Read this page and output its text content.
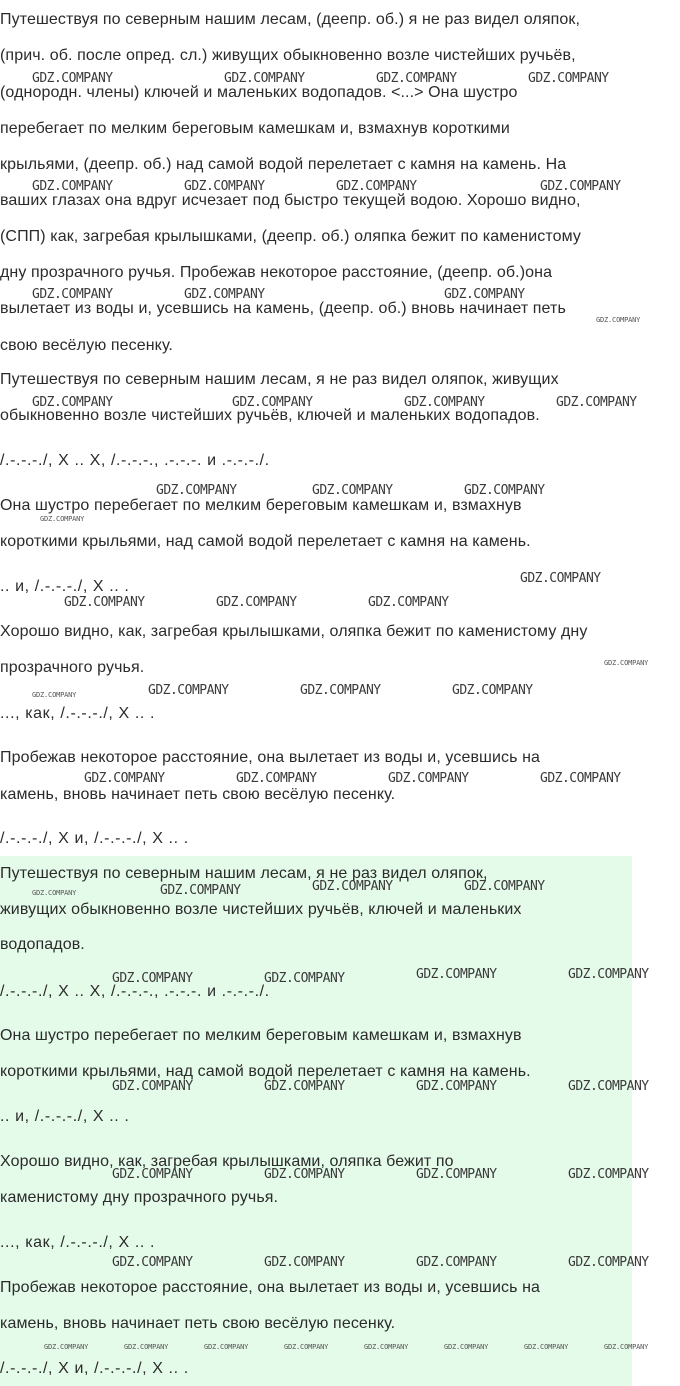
Путешествуя по северным нашим лесам, (деепр. об.) я не раз видел оляпок,
(прич. об. после опред. сл.) живущих обыкновенно возле чистейших ручьёв,
(однородн. члены) ключей и маленьких водопадов. <...> Она шустро
перебегает по мелким береговым камешкам и, взмахнув короткими
крыльями, (деепр. об.) над самой водой перелетает с камня на камень. На
ваших глазах она вдруг исчезает под быстро текущей водою. Хорошо видно,
(СПП) как, загребая крылышками, (деепр. об.) оляпка бежит по каменистому
дну прозрачного ручья. Пробежав некоторое расстояние, (деепр. об.)она
вылетает из воды и, усевшись на камень, (деепр. об.) вновь начинает петь
свою весёлую песенку.
Путешествуя по северным нашим лесам, я не раз видел оляпок, живущих
обыкновенно возле чистейших ручьёв, ключей и маленьких водопадов.
/.-.-.-./, X .. X, /.-.-.-., .-.-.-. и .-.-.-./.
Она шустро перебегает по мелким береговым камешкам и, взмахнув
короткими крыльями, над самой водой перелетает с камня на камень.
.. и, /.-.-.-./, X .. .
Хорошо видно, как, загребая крылышками, оляпка бежит по каменистому дну
прозрачного ручья.
..., как, /.-.-.-./, X .. .
Пробежав некоторое расстояние, она вылетает из воды и, усевшись на
камень, вновь начинает петь свою весёлую песенку.
/.-.-.-./, X и, /.-.-.-./, X .. .
Путешествуя по северным нашим лесам, я не раз видел оляпок,
живущих обыкновенно возле чистейших ручьёв, ключей и маленьких
водопадов.
/.-.-.-./, X .. X, /.-.-.-., .-.-.-. и .-.-.-./.
Она шустро перебегает по мелким береговым камешкам и, взмахнув
короткими крыльями, над самой водой перелетает с камня на камень.
.. и, /.-.-.-./, X .. .
Хорошо видно, как, загребая крылышками, оляпка бежит по
каменистому дну прозрачного ручья.
..., как, /.-.-.-./, X .. .
Пробежав некоторое расстояние, она вылетает из воды и, усевшись на
камень, вновь начинает петь свою весёлую песенку.
/.-.-.-./, X и, /.-.-.-./, X .. .
GDZ.COMPANY	GDZ.COMPANY	GDZ.COMPANY	GDZ.COMPANY
GDZ.COMPANY	GDZ.COMPANY	GDZ.COMPANY	GDZ.COMPANY
GDZ.COMPANY	GDZ.COMPANY	GDZ.COMPANY
GDZ.COMPANY
GDZ.COMPANY	GDZ.COMPANY	GDZ.COMPANY	GDZ.COMPANY
GDZ.COMPANY	GDZ.COMPANY	GDZ.COMPANY
GDZ.COMPANY
GDZ.COMPANY
GDZ.COMPANY	GDZ.COMPANY	GDZ.COMPANY
GDZ.COMPANY
GDZ.COMPANY	GDZ.COMPANY	GDZ.COMPANY
GDZ.COMPANY
GDZ.COMPANY	GDZ.COMPANY	GDZ.COMPANY	GDZ.COMPANY
GDZ.COMPANY	GDZ.COMPANY
GDZ.COMPANY
GDZ.COMPANY
GDZ.COMPANY	GDZ.COMPANY
GDZ.COMPANY	GDZ.COMPANY
GDZ.COMPANY	GDZ.COMPANY	GDZ.COMPANY	GDZ.COMPANY
GDZ.COMPANY	GDZ.COMPANY	GDZ.COMPANY	GDZ.COMPANY
GDZ.COMPANY	GDZ.COMPANY	GDZ.COMPANY	GDZ.COMPANY
GDZ.COMPANY	GDZ.COMPANY	GDZ.COMPANY	GDZ.COMPANY	GDZ.COMPANY	GDZ.COMPANY	GDZ.COMPANY	GDZ.COMPANY
